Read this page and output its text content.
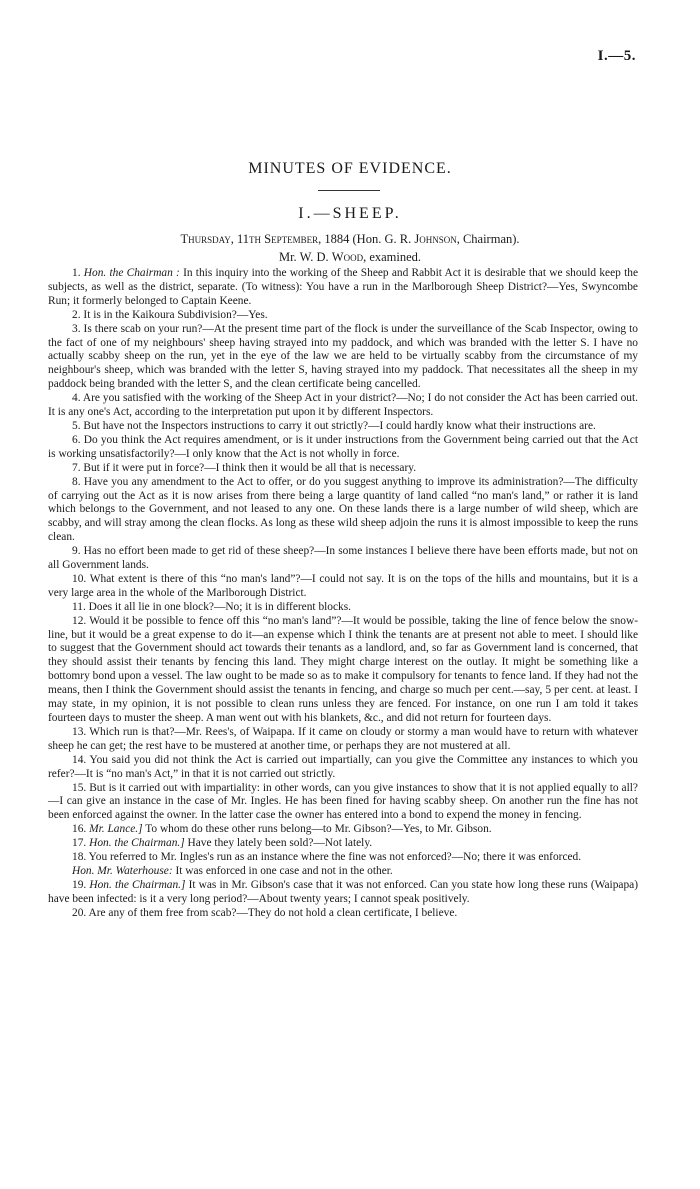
I.—5.
MINUTES OF EVIDENCE.
I.—SHEEP.
Thursday, 11th September, 1884 (Hon. G. R. Johnson, Chairman).
Mr. W. D. Wood, examined.

1. Hon. the Chairman : In this inquiry into the working of the Sheep and Rabbit Act it is desirable that we should keep the subjects, as well as the district, separate. (To witness): You have a run in the Marlborough Sheep District?—Yes, Swyncombe Run; it formerly belonged to Captain Keene.

2. It is in the Kaikoura Subdivision?—Yes.

3. Is there scab on your run?—At the present time part of the flock is under the surveillance of the Scab Inspector, owing to the fact of one of my neighbours' sheep having strayed into my paddock, and which was branded with the letter S. I have no actually scabby sheep on the run, yet in the eye of the law we are held to be virtually scabby from the circumstance of my neighbour's sheep, which was branded with the letter S, having strayed into my paddock. That necessitates all the sheep in my paddock being branded with the letter S, and the clean certificate being cancelled.

4. Are you satisfied with the working of the Sheep Act in your district?—No; I do not consider the Act has been carried out. It is any one's Act, according to the interpretation put upon it by different Inspectors.

5. But have not the Inspectors instructions to carry it out strictly?—I could hardly know what their instructions are.

6. Do you think the Act requires amendment, or is it under instructions from the Government being carried out that the Act is working unsatisfactorily?—I only know that the Act is not wholly in force.

7. But if it were put in force?—I think then it would be all that is necessary.

8. Have you any amendment to the Act to offer, or do you suggest anything to improve its administration?—The difficulty of carrying out the Act as it is now arises from there being a large quantity of land called “no man's land,” or rather it is land which belongs to the Government, and not leased to any one. On these lands there is a large number of wild sheep, which are scabby, and will stray among the clean flocks. As long as these wild sheep adjoin the runs it is almost impossible to keep the runs clean.

9. Has no effort been made to get rid of these sheep?—In some instances I believe there have been efforts made, but not on all Government lands.

10. What extent is there of this “no man's land”?—I could not say. It is on the tops of the hills and mountains, but it is a very large area in the whole of the Marlborough District.

11. Does it all lie in one block?—No; it is in different blocks.

12. Would it be possible to fence off this “no man's land”?—It would be possible, taking the line of fence below the snow-line, but it would be a great expense to do it—an expense which I think the tenants are at present not able to meet. I should like to suggest that the Government should act towards their tenants as a landlord, and, so far as Government land is concerned, that they should assist their tenants by fencing this land. They might charge interest on the outlay. It might be something like a bottomry bond upon a vessel. The law ought to be made so as to make it compulsory for tenants to fence land. If they had not the means, then I think the Government should assist the tenants in fencing, and charge so much per cent.—say, 5 per cent. at least. I may state, in my opinion, it is not possible to clean runs unless they are fenced. For instance, on one run I am told it takes fourteen days to muster the sheep. A man went out with his blankets, &c., and did not return for fourteen days.

13. Which run is that?—Mr. Rees's, of Waipapa. If it came on cloudy or stormy a man would have to return with whatever sheep he can get; the rest have to be mustered at another time, or perhaps they are not mustered at all.

14. You said you did not think the Act is carried out impartially, can you give the Committee any instances to which you refer?—It is “no man's Act,” in that it is not carried out strictly.

15. But is it carried out with impartiality: in other words, can you give instances to show that it is not applied equally to all?—I can give an instance in the case of Mr. Ingles. He has been fined for having scabby sheep. On another run the fine has not been enforced against the owner. In the latter case the owner has entered into a bond to expend the money in fencing.

16. Mr. Lance.] To whom do these other runs belong—to Mr. Gibson?—Yes, to Mr. Gibson.

17. Hon. the Chairman.] Have they lately been sold?—Not lately.

18. You referred to Mr. Ingles's run as an instance where the fine was not enforced?—No; there it was enforced.

Hon. Mr. Waterhouse: It was enforced in one case and not in the other.

19. Hon. the Chairman.] It was in Mr. Gibson's case that it was not enforced. Can you state how long these runs (Waipapa) have been infected: is it a very long period?—About twenty years; I cannot speak positively.

20. Are any of them free from scab?—They do not hold a clean certificate, I believe.
